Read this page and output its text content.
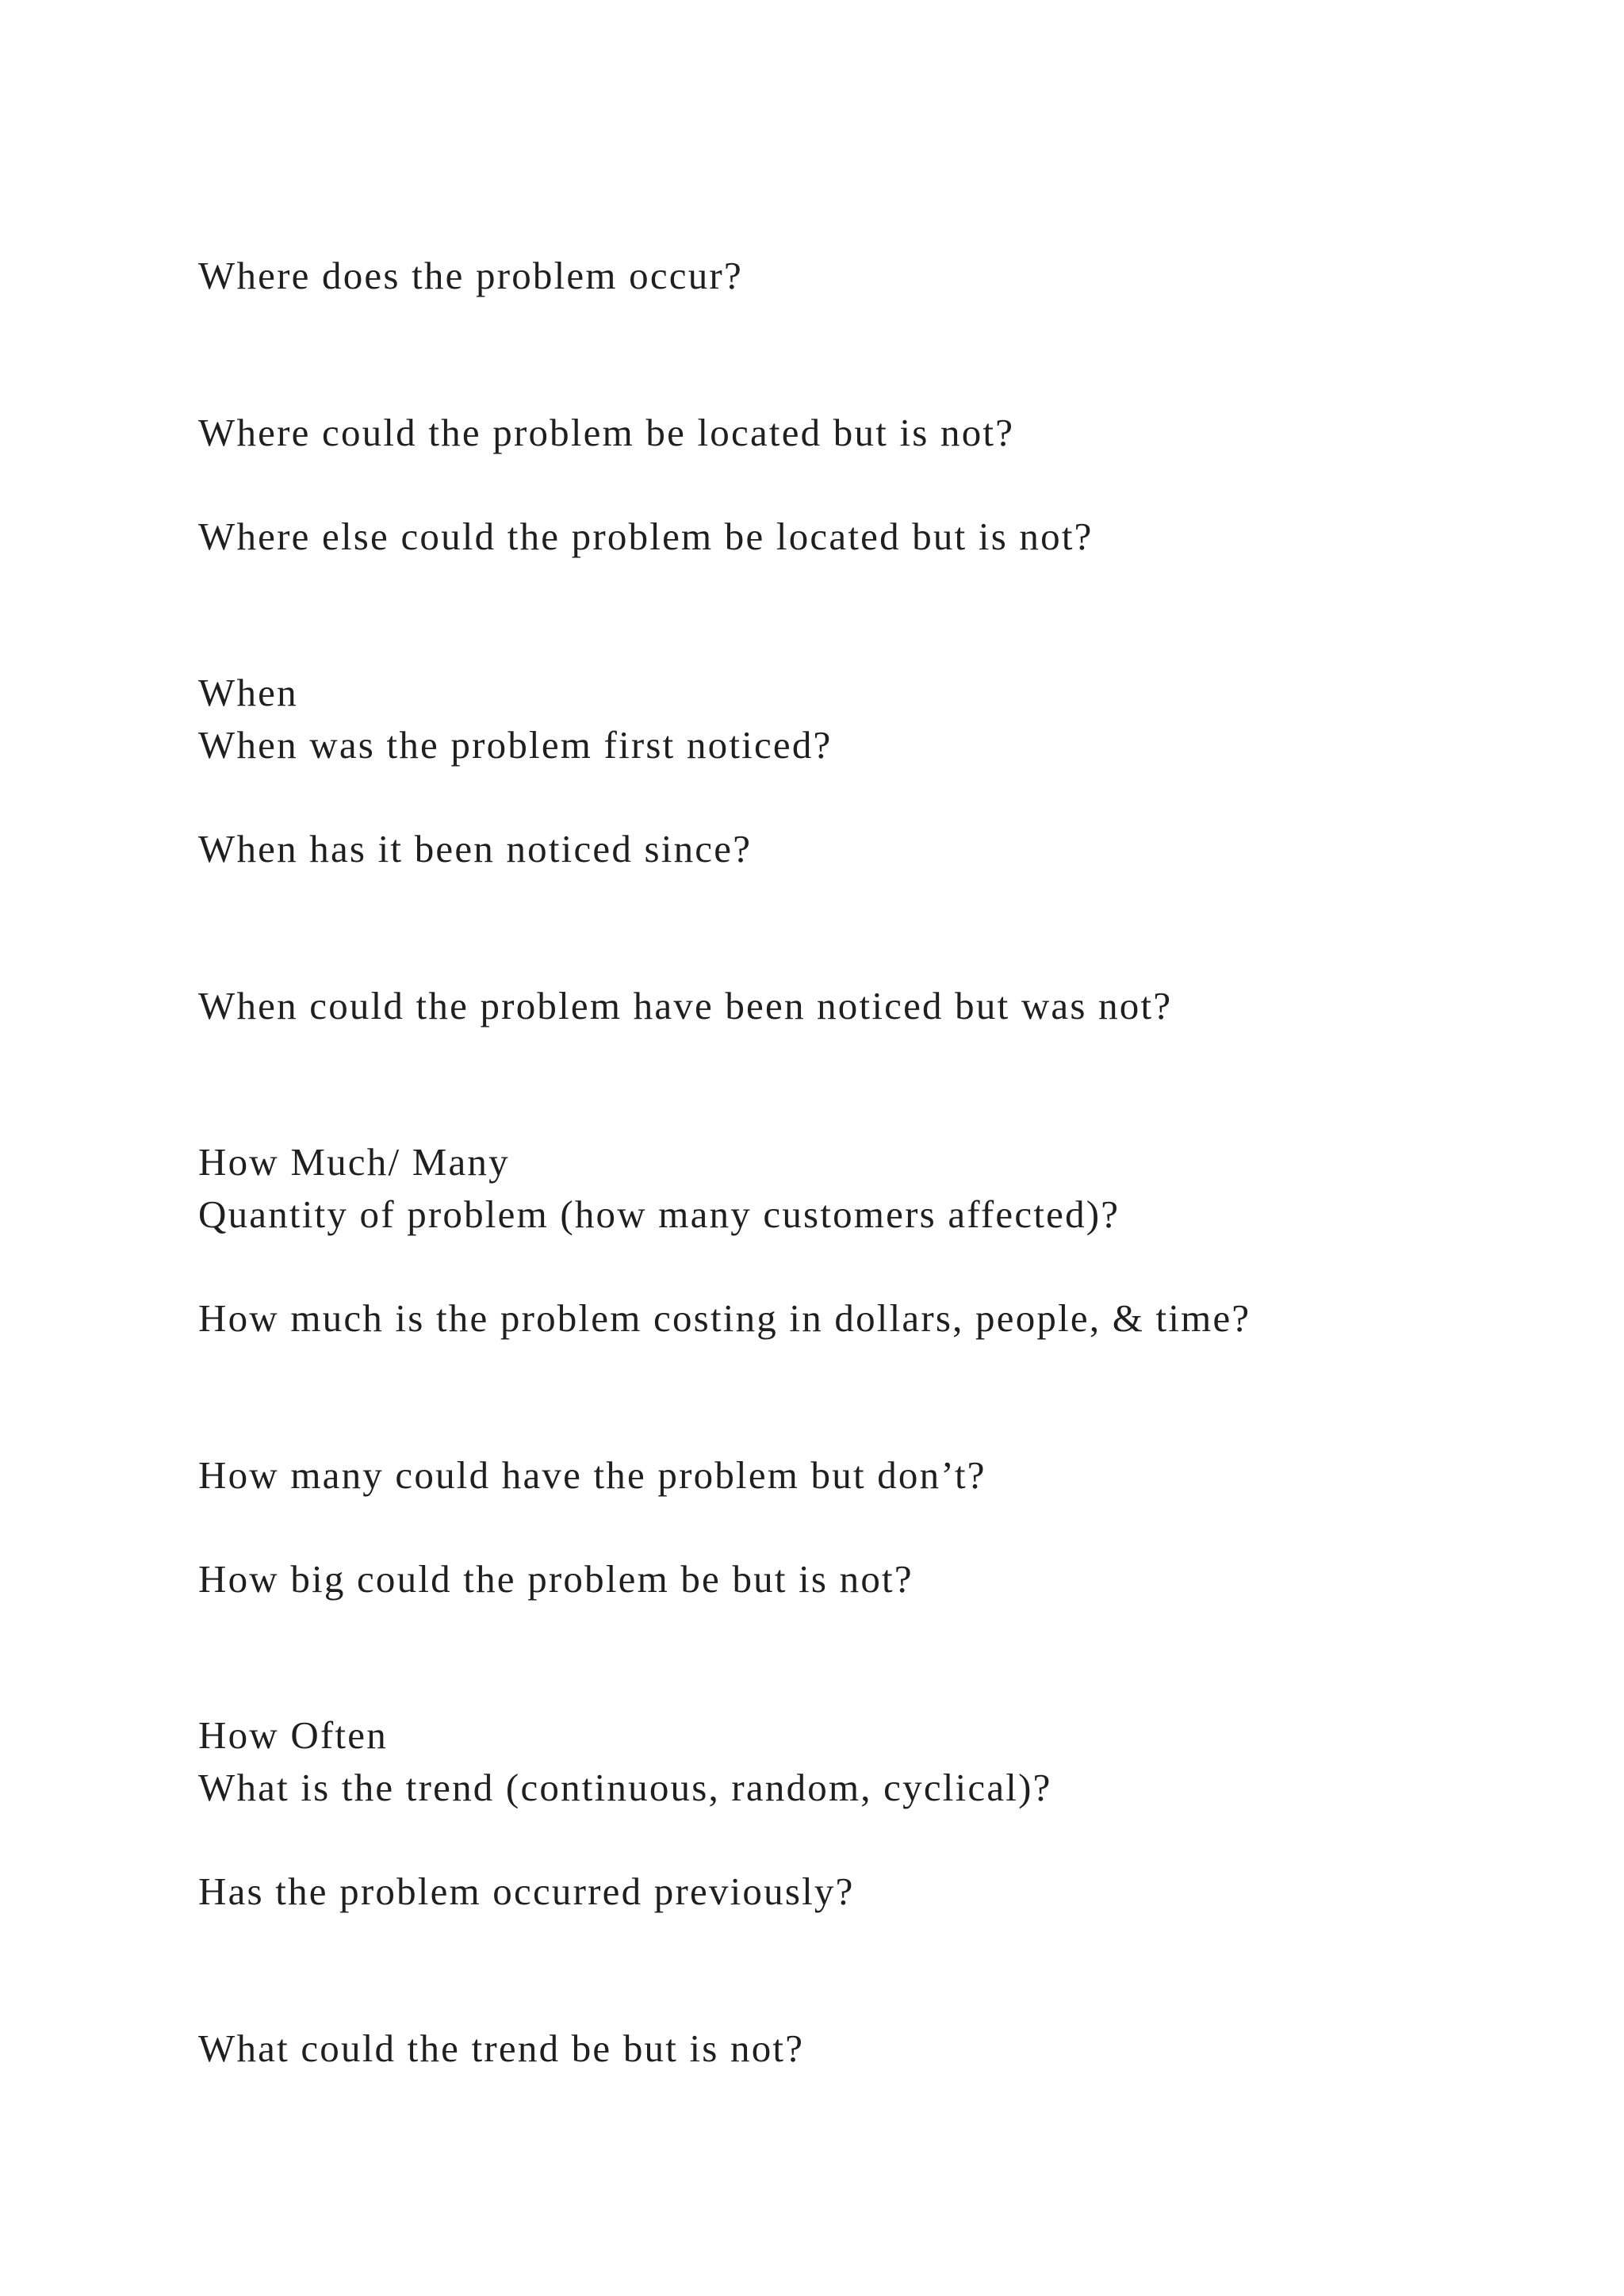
Where does the problem occur?

Where could the problem be located but is not?

Where else could the problem be located but is not?

When

When was the problem first noticed?

When has it been noticed since?

When could the problem have been noticed but was not?

How Much/ Many

Quantity of problem (how many customers affected)?

How much is the problem costing in dollars, people, & time?

How many could have the problem but don’t?

How big could the problem be but is not?

How Often

What is the trend (continuous, random, cyclical)?

Has the problem occurred previously?

What could the trend be but is not?
